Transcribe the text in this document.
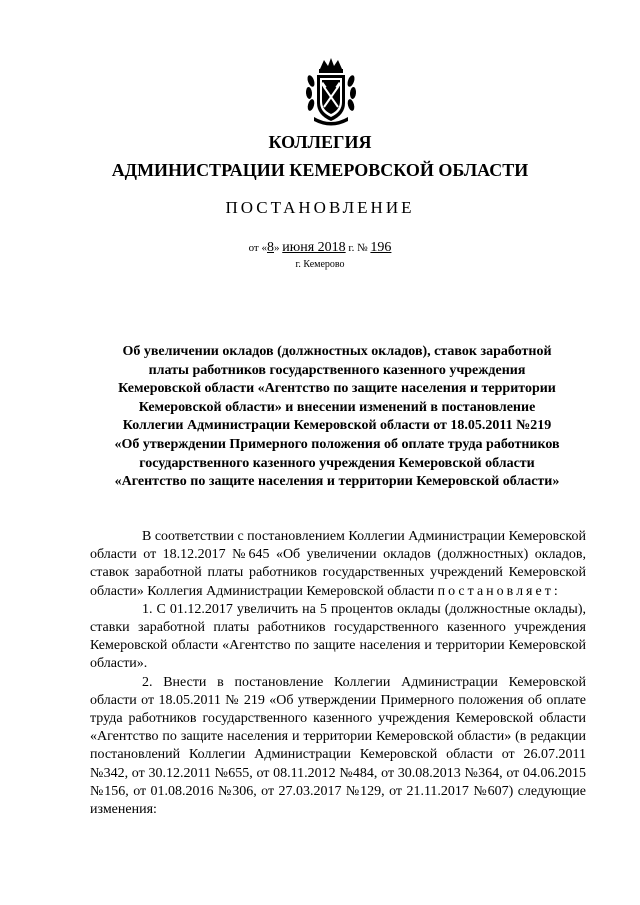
КОЛЛЕГИЯ
АДМИНИСТРАЦИИ КЕМЕРОВСКОЙ ОБЛАСТИ
ПОСТАНОВЛЕНИЕ
от «8» июня 2018 г. № 196
г. Кемерово
Об увеличении окладов (должностных окладов), ставок заработной
платы работников государственного казенного учреждения
Кемеровской области «Агентство по защите населения и территории
Кемеровской области» и внесении изменений в постановление
Коллегии Администрации Кемеровской области от 18.05.2011 №219
«Об утверждении Примерного положения об оплате труда работников
государственного казенного учреждения Кемеровской области
«Агентство по защите населения и территории Кемеровской области»

В соответствии с постановлением Коллегии Администрации Кемеровской области от 18.12.2017 №645 «Об увеличении окладов (должностных) окладов, ставок заработной платы работников государственных учреждений Кемеровской области» Коллегия Администрации Кемеровской области постановляет:

1. С 01.12.2017 увеличить на 5 процентов оклады (должностные оклады), ставки заработной платы работников государственного казенного учреждения Кемеровской области «Агентство по защите населения и территории Кемеровской области».

2. Внести в постановление Коллегии Администрации Кемеровской области от 18.05.2011 № 219 «Об утверждении Примерного положения об оплате труда работников государственного казенного учреждения Кемеровской области «Агентство по защите населения и территории Кемеровской области» (в редакции постановлений Коллегии Администрации Кемеровской области от 26.07.2011 №342, от 30.12.2011 №655, от 08.11.2012 №484, от 30.08.2013 №364, от 04.06.2015 №156, от 01.08.2016 №306, от 27.03.2017 №129, от 21.11.2017 №607) следующие изменения:
